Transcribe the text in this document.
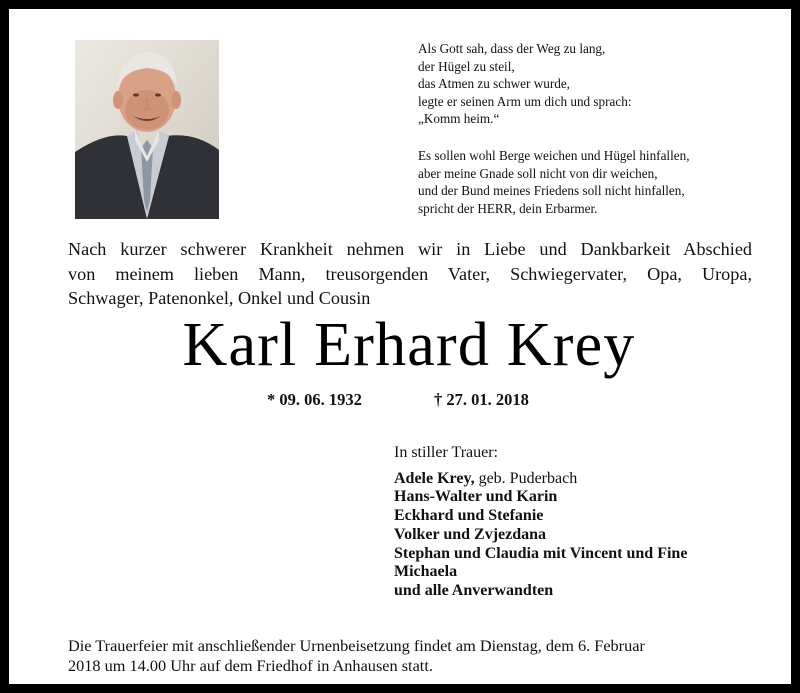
Als Gott sah, dass der Weg zu lang,
der Hügel zu steil,
das Atmen zu schwer wurde,
legte er seinen Arm um dich und sprach:
„Komm heim.“
Es sollen wohl Berge weichen und Hügel hinfallen,
aber meine Gnade soll nicht von dir weichen,
und der Bund meines Friedens soll nicht hinfallen,
spricht der HERR, dein Erbarmer.
Nach kurzer schwerer Krankheit nehmen wir in Liebe und Dankbarkeit Abschied
von meinem lieben Mann, treusorgenden Vater, Schwiegervater, Opa, Uropa,
Schwager, Patenonkel, Onkel und Cousin
Karl Erhard Krey
* 09. 06. 1932	† 27. 01. 2018
In stiller Trauer:
Adele Krey, geb. Puderbach
Hans-Walter und Karin
Eckhard und Stefanie
Volker und Zvjezdana
Stephan und Claudia mit Vincent und Fine
Michaela
und alle Anverwandten
Die Trauerfeier mit anschließender Urnenbeisetzung findet am Dienstag, dem 6. Februar
2018 um 14.00 Uhr auf dem Friedhof in Anhausen statt.
